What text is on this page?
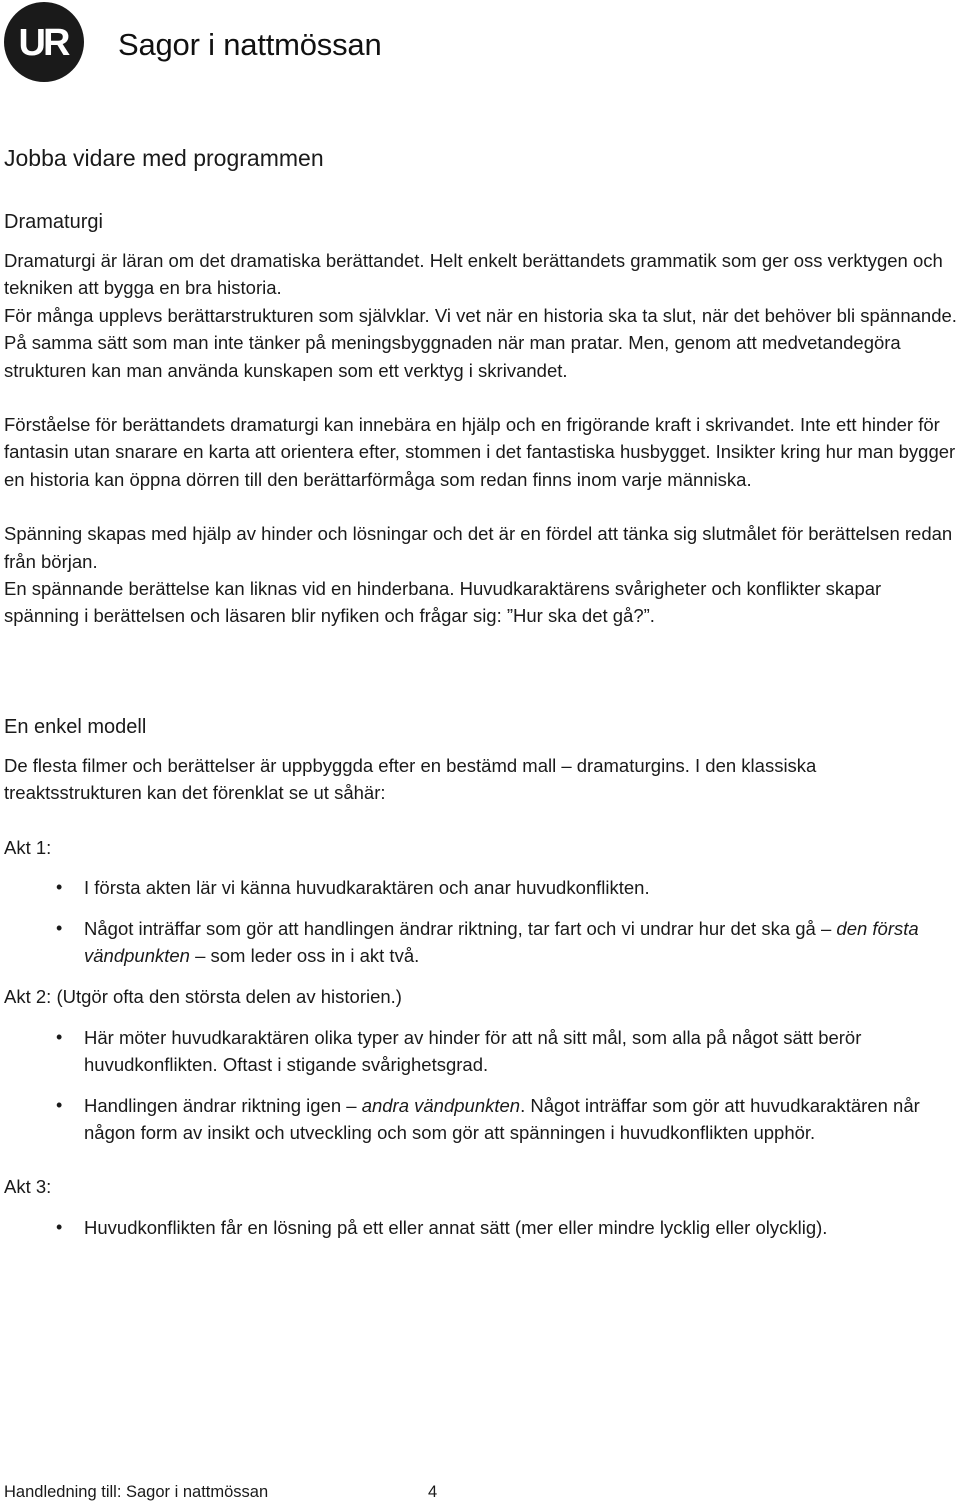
UR Sagor i nattmössan
Jobba vidare med programmen
Dramaturgi

Dramaturgi är läran om det dramatiska berättandet. Helt enkelt berättandets grammatik som ger oss verktygen och tekniken att bygga en bra historia.

För många upplevs berättarstrukturen som självklar. Vi vet när en historia ska ta slut, när det behöver bli spännande. På samma sätt som man inte tänker på meningsbyggnaden när man pratar. Men, genom att medvetandegöra strukturen kan man använda kunskapen som ett verktyg i skrivandet.

Förståelse för berättandets dramaturgi kan innebära en hjälp och en frigörande kraft i skrivandet. Inte ett hinder för fantasin utan snarare en karta att orientera efter, stommen i det fantastiska husbygget. Insikter kring hur man bygger en historia kan öppna dörren till den berättarförmåga som redan finns inom varje människa.

Spänning skapas med hjälp av hinder och lösningar och det är en fördel att tänka sig slutmålet för berättelsen redan från början.

En spännande berättelse kan liknas vid en hinderbana. Huvudkaraktärens svårigheter och konflikter skapar spänning i berättelsen och läsaren blir nyfiken och frågar sig: ”Hur ska det gå?”.

En enkel modell

De flesta filmer och berättelser är uppbyggda efter en bestämd mall – dramaturgins. I den klassiska treaktsstrukturen kan det förenklat se ut såhär:

Akt 1:

• I första akten lär vi känna huvudkaraktären och anar huvudkonflikten.
• Något inträffar som gör att handlingen ändrar riktning, tar fart och vi undrar hur det ska gå – den första vändpunkten – som leder oss in i akt två.

Akt 2: (Utgör ofta den största delen av historien.)

• Här möter huvudkaraktären olika typer av hinder för att nå sitt mål, som alla på något sätt berör huvudkonflikten. Oftast i stigande svårighetsgrad.
• Handlingen ändrar riktning igen – andra vändpunkten. Något inträffar som gör att huvudkaraktären når någon form av insikt och utveckling och som gör att spänningen i huvudkonflikten upphör.

Akt 3:

• Huvudkonflikten får en lösning på ett eller annat sätt (mer eller mindre lycklig eller olycklig).
Handledning till: Sagor i nattmössan	4
